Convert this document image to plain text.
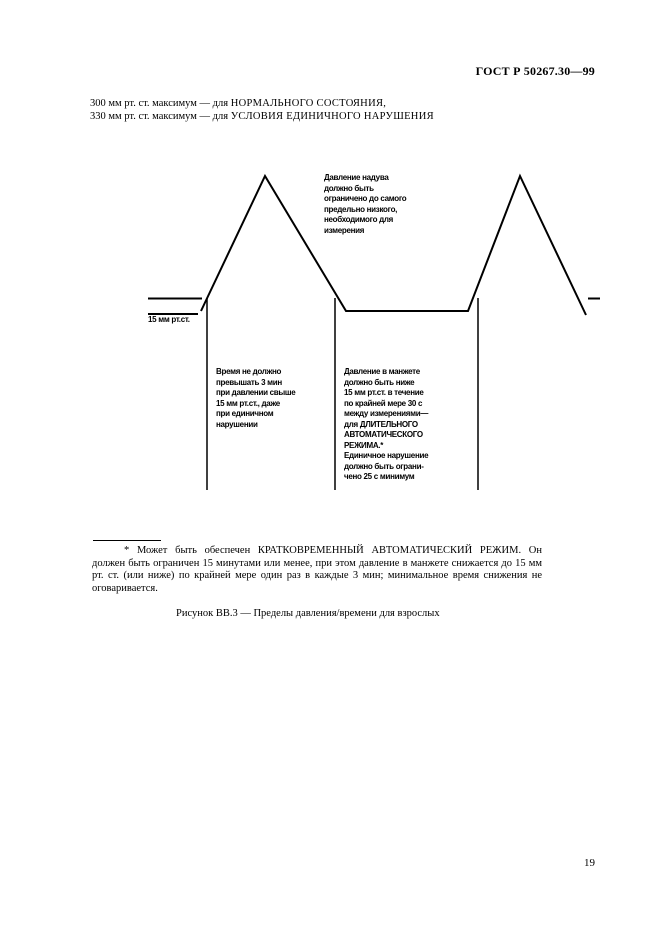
ГОСТ Р 50267.30—99
300 мм рт. ст. максимум — для НОРМАЛЬНОГО СОСТОЯНИЯ,
330 мм рт. ст. максимум — для УСЛОВИЯ ЕДИНИЧНОГО НАРУШЕНИЯ
15 мм рт.ст.
Давление надува
должно быть
ограничено до самого
предельно низкого,
необходимого для
измерения
Время не должно
превышать 3 мин
при давлении свыше
15 мм рт.ст., даже
при единичном
нарушении
Давление в манжете
должно быть ниже
15 мм рт.ст. в течение
по крайней мере 30 с
между измерениями—
для ДЛИТЕЛЬНОГО
АВТОМАТИЧЕСКОГО
РЕЖИМА.*
Единичное нарушение
должно быть ограни-
чено 25 с минимум
* Может быть обеспечен КРАТКОВРЕМЕННЫЙ АВТОМАТИЧЕСКИЙ РЕЖИМ. Он должен быть ограничен 15 минутами или менее, при этом давление в манжете снижается до 15 мм рт. ст. (или ниже) по крайней мере один раз в каждые 3 мин; минимальное время снижения не оговаривается.
Рисунок ВВ.3 — Пределы давления/времени для взрослых
19
